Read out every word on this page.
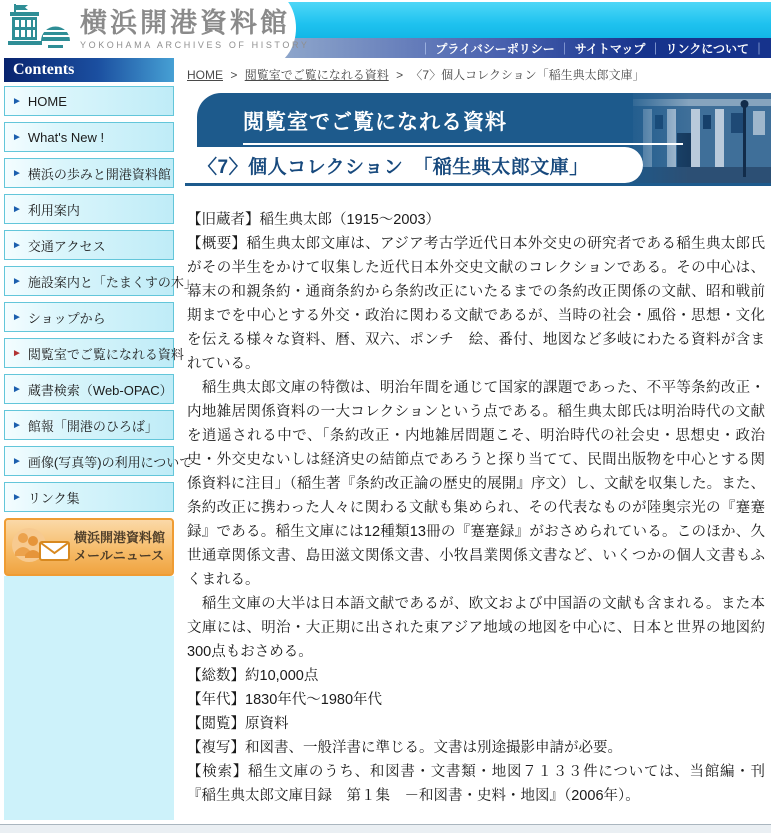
｜ プライバシーポリシー ｜ サイトマップ ｜ リンクについて ｜
横浜開港資料館
YOKOHAMA ARCHIVES OF HISTORY
Contents
► HOME
► What's New !
► 横浜の歩みと開港資料館
► 利用案内
► 交通アクセス
► 施設案内と「たまくすの木」
► ショップから
► 閲覧室でご覧になれる資料
► 蔵書検索（Web-OPAC）
► 館報「開港のひろば」
► 画像(写真等)の利用について
► リンク集
横浜開港資料館
メールニュース
HOME > 閲覧室でご覧になれる資料 > 〈7〉個人コレクション「稲生典太郎文庫」
閲覧室でご覧になれる資料
〈7〉個人コレクション　「稲生典太郎文庫」

【旧蔵者】稲生典太郎（1915～2003）

【概要】稲生典太郎文庫は、アジア考古学近代日本外交史の研究者である稲生典太郎氏がその半生をかけて収集した近代日本外交史文献のコレクションである。その中心は、幕末の和親条約・通商条約から条約改正にいたるまでの条約改正関係の文献、昭和戦前期までを中心とする外交・政治に関わる文献であるが、当時の社会・風俗・思想・文化を伝える様々な資料、暦、双六、ポンチ　絵、番付、地図など多岐にわたる資料が含まれている。

　稲生典太郎文庫の特徴は、明治年間を通じて国家的課題であった、不平等条約改正・内地雑居関係資料の一大コレクションという点である。稲生典太郎氏は明治時代の文献を逍遥される中で、「条約改正・内地雑居問題こそ、明治時代の社会史・思想史・政治史・外交史ないしは経済史の結節点であろうと探り当てて、民間出版物を中心とする関係資料に注目」（稲生著『条約改正論の歴史的展開』序文）し、文献を収集した。また、条約改正に携わった人々に関わる文献も集められ、その代表なものが陸奥宗光の『蹇蹇録』である。稲生文庫には12種類13冊の『蹇蹇録』がおさめられている。このほか、久世通章関係文書、島田滋文関係文書、小牧昌業関係文書など、いくつかの個人文書もふくまれる。

　稲生文庫の大半は日本語文献であるが、欧文および中国語の文献も含まれる。また本文庫には、明治・大正期に出された東アジア地域の地図を中心に、日本と世界の地図約300点もおさめる。

【総数】約10,000点

【年代】1830年代～1980年代

【閲覧】原資料

【複写】和図書、一般洋書に準じる。文書は別途撮影申請が必要。

【検索】稲生文庫のうち、和図書・文書類・地図７１３３件については、当館編・刊『稲生典太郎文庫目録　第１集　－和図書・史料・地図』（2006年）。
